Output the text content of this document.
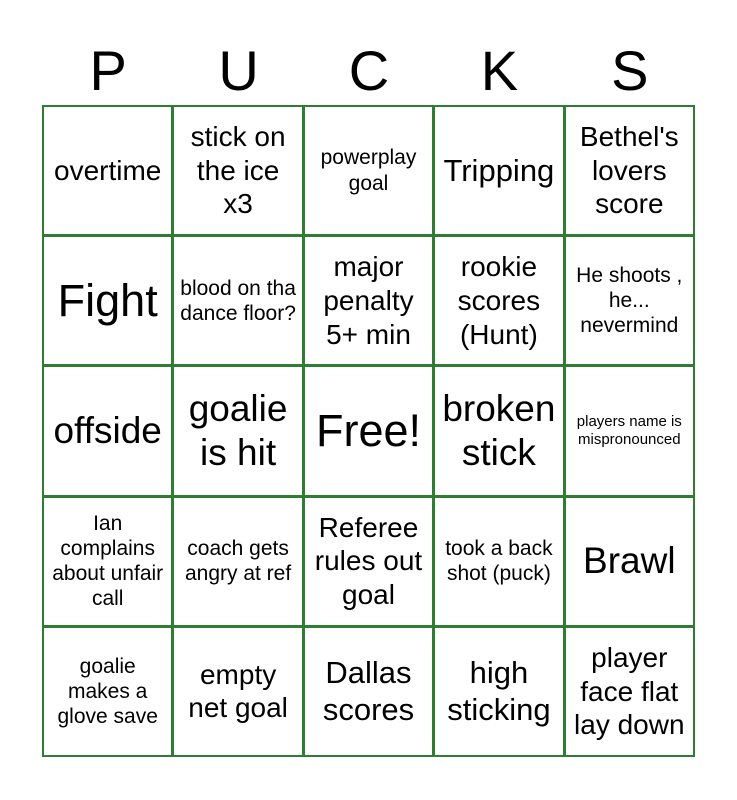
P	U	C	K	S
overtime
stick on the ice x3
powerplay goal	Tripping
Bethel's lovers score
Fight blood on tha dance floor?
major penalty 5+ min
rookie scores (Hunt)
He shoots , he... nevermind
offside
goalie is hit Free! broken stick
players name is mispronounced
Ian complains about unfair call
coach gets angry at ref
Referee rules out goal
took a back shot (puck) Brawl
goalie makes a glove save
empty net goal
Dallas scores
high sticking
player face flat lay down
